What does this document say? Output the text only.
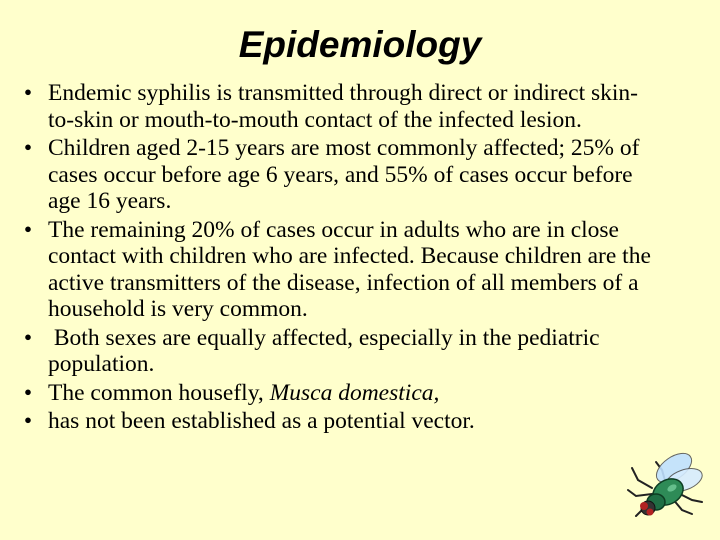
Epidemiology
• Endemic syphilis is transmitted through direct or indirect skin-to-skin or mouth-to-mouth contact of the infected lesion.
• Children aged 2-15 years are most commonly affected; 25% of cases occur before age 6 years, and 55% of cases occur before age 16 years.
• The remaining 20% of cases occur in adults who are in close contact with children who are infected. Because children are the active transmitters of the disease, infection of all members of a household is very common.
• Both sexes are equally affected, especially in the pediatric population.
• The common housefly, Musca domestica,
• has not been established as a potential vector.
